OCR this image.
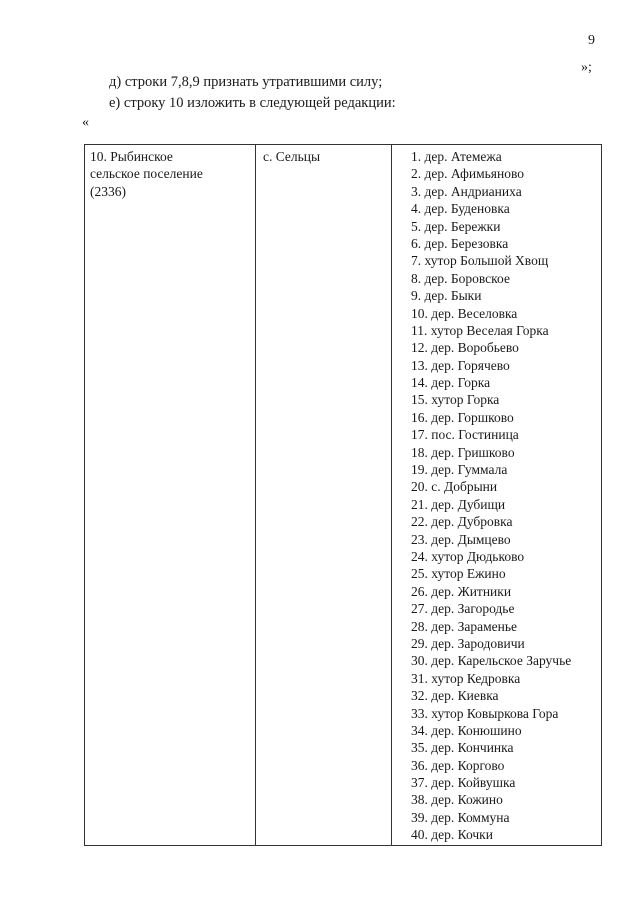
9
»;
д) строки 7,8,9 признать утратившими силу;
е) строку 10 изложить в следующей редакции:
«
10. Рыбинское
сельское поселение
(2336)
с. Сельцы	1. дер. Атемежа
2. дер. Афимьяново
3. дер. Андрианиха
4. дер. Буденовка
5. дер. Бережки
6. дер. Березовка
7. хутор Большой Хвощ
8. дер. Боровское
9. дер. Быки
10. дер. Веселовка
11. хутор Веселая Горка
12. дер. Воробьево
13. дер. Горячево
14. дер. Горка
15. хутор Горка
16. дер. Горшково
17. пос. Гостиница
18. дер. Гришково
19. дер. Гуммала
20. с. Добрыни
21. дер. Дубищи
22. дер. Дубровка
23. дер. Дымцево
24. хутор Дюдьково
25. хутор Ежино
26. дер. Житники
27. дер. Загородье
28. дер. Зараменье
29. дер. Зародовичи
30. дер. Карельское Заручье
31. хутор Кедровка
32. дер. Киевка
33. хутор Ковыркова Гора
34. дер. Конюшино
35. дер. Кончинка
36. дер. Коргово
37. дер. Койвушка
38. дер. Кожино
39. дер. Коммуна
40. дер. Кочки
